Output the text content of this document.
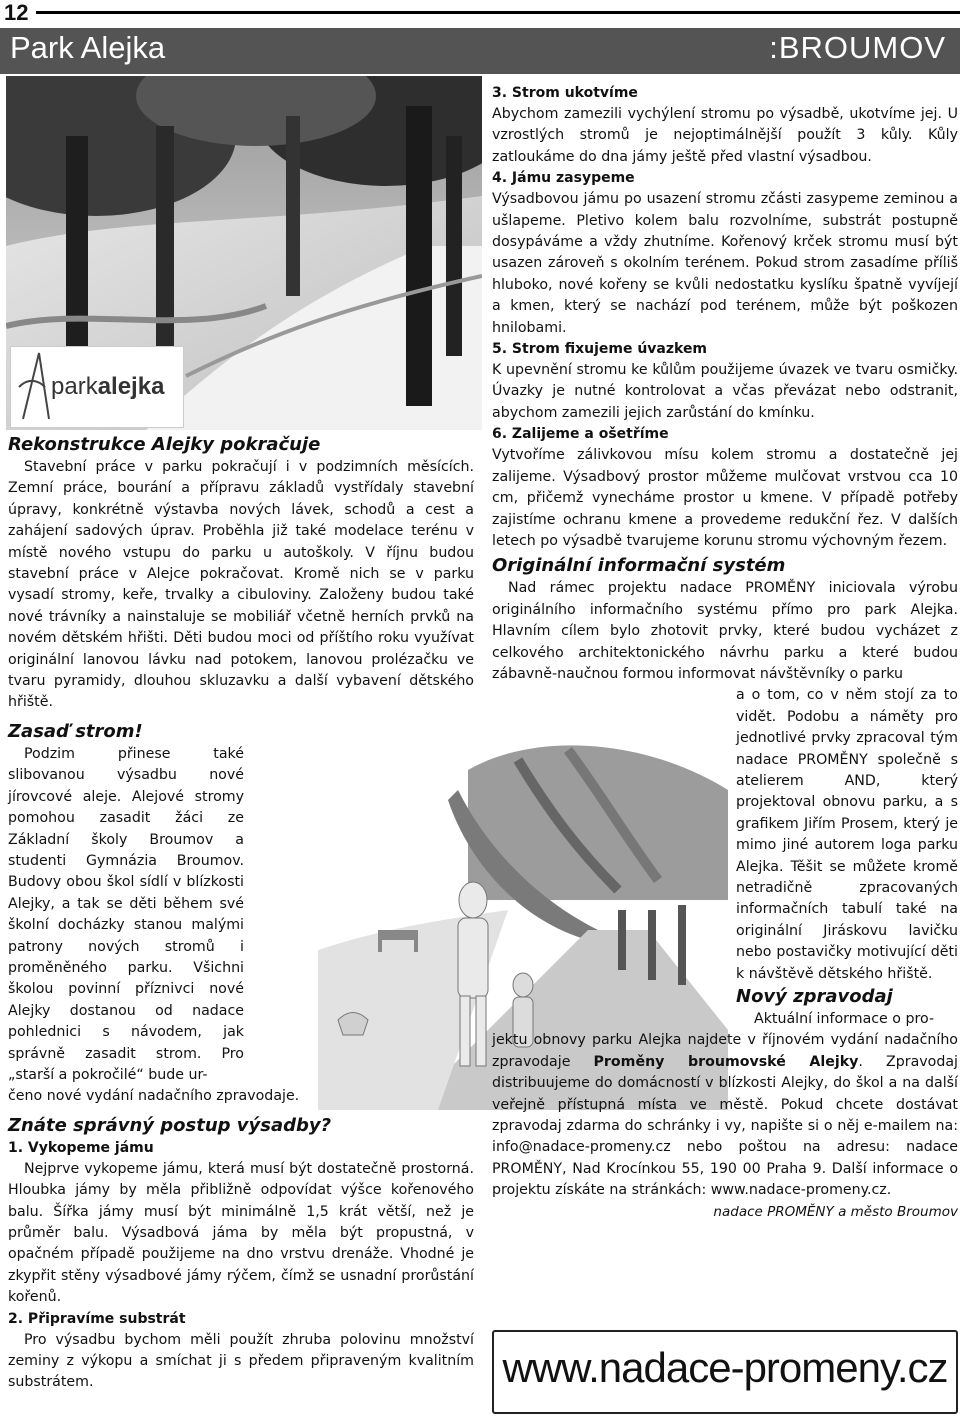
12
Park Alejka	:BROUMOV
parkalejka

Rekonstrukce Alejky pokračuje

Stavební práce v parku pokračují i v podzimních měsících. Zemní práce, bourání a přípravu základů vystřídaly stavební úpravy, konkrétně výstavba nových lávek, schodů a cest a zahájení sadových úprav. Proběhla již také modelace terénu v místě nového vstupu do parku u autoškoly. V říjnu budou stavební práce v Alejce pokračovat. Kromě nich se v parku vysadí stromy, keře, trvalky a cibuloviny. Založeny budou také nové trávníky a nainstaluje se mobiliář včetně herních prvků na novém dětském hřišti. Děti budou moci od příštího roku využívat originální lanovou lávku nad potokem, lanovou prolézačku ve tvaru pyramidy, dlouhou skluzavku a další vybavení dětského hřiště.

Zasaď strom!

Podzim přinese také slibovanou výsadbu nové jírovcové aleje. Alejové stromy pomohou zasadit žáci ze Základní školy Broumov a studenti Gymnázia Broumov. Budovy obou škol sídlí v blízkosti Alejky, a tak se děti během své školní docházky stanou malými patrony nových stromů i proměněného parku. Všichni školou povinní příznivci nové Alejky dostanou od nadace pohlednici s návodem, jak správně zasadit strom. Pro „starší a pokročilé“ bude ur-

čeno nové vydání nadačního zpravodaje.

Znáte správný postup výsadby?

1. Vykopeme jámu

Nejprve vykopeme jámu, která musí být dostatečně prostorná. Hloubka jámy by měla přibližně odpovídat výšce kořenového balu. Šířka jámy musí být minimálně 1,5 krát větší, než je průměr balu. Výsadbová jáma by měla být propustná, v opačném případě použijeme na dno vrstvu drenáže. Vhodné je zkypřit stěny výsadbové jámy rýčem, čímž se usnadní prorůstání kořenů.

2. Připravíme substrát

Pro výsadbu bychom měli použít zhruba polovinu množství zeminy z výkopu a smíchat ji s předem připraveným kvalitním substrátem.

3. Strom ukotvíme

Abychom zamezili vychýlení stromu po výsadbě, ukotvíme jej. U vzrostlých stromů je nejoptimálnější použít 3 kůly. Kůly zatloukáme do dna jámy ještě před vlastní výsadbou.

4. Jámu zasypeme

Výsadbovou jámu po usazení stromu zčásti zasypeme zeminou a ušlapeme. Pletivo kolem balu rozvolníme, substrát postupně dosypáváme a vždy zhutníme. Kořenový krček stromu musí být usazen zároveň s okolním terénem. Pokud strom zasadíme příliš hluboko, nové kořeny se kvůli nedostatku kyslíku špatně vyvíjejí a kmen, který se nachází pod terénem, může být poškozen hnilobami.

5. Strom fixujeme úvazkem

K upevnění stromu ke kůlům použijeme úvazek ve tvaru osmičky. Úvazky je nutné kontrolovat a včas převázat nebo odstranit, abychom zamezili jejich zarůstání do kmínku.

6. Zalijeme a ošetříme

Vytvoříme zálivkovou mísu kolem stromu a dostatečně jej zalijeme. Výsadbový prostor můžeme mulčovat vrstvou cca 10 cm, přičemž vynecháme prostor u kmene. V případě potřeby zajistíme ochranu kmene a provedeme redukční řez. V dalších letech po výsadbě tvarujeme korunu stromu výchovným řezem.

Originální informační systém

Nad rámec projektu nadace PROMĚNY iniciovala výrobu originálního informačního systému přímo pro park Alejka. Hlavním cílem bylo zhotovit prvky, které budou vycházet z celkového architektonického návrhu parku a které budou zábavně-naučnou formou informovat návštěvníky o parku

a o tom, co v něm stojí za to vidět. Podobu a náměty pro jednotlivé prvky zpracoval tým nadace PROMĚNY společně s atelierem AND, který projektoval obnovu parku, a s grafikem Jiřím Prosem, který je mimo jiné autorem loga parku Alejka. Těšit se můžete kromě netradičně zpracovaných informačních tabulí také na originální Jiráskovu lavičku nebo postavičky motivující děti k návštěvě dětského hřiště.

Nový zpravodaj

Aktuální informace o pro-

jektu obnovy parku Alejka najdete v říjnovém vydání nadačního zpravodaje Proměny broumovské Alejky. Zpravodaj distribuujeme do domácností v blízkosti Alejky, do škol a na další veřejně přístupná místa ve městě. Pokud chcete dostávat zpravodaj zdarma do schránky i vy, napište si o něj e-mailem na: info@nadace-promeny.cz nebo poštou na adresu: nadace PROMĚNY, Nad Krocínkou 55, 190 00 Praha 9. Další informace o projektu získáte na stránkách: www.nadace-promeny.cz.

nadace PROMĚNY a město Broumov

www.nadace-promeny.cz
